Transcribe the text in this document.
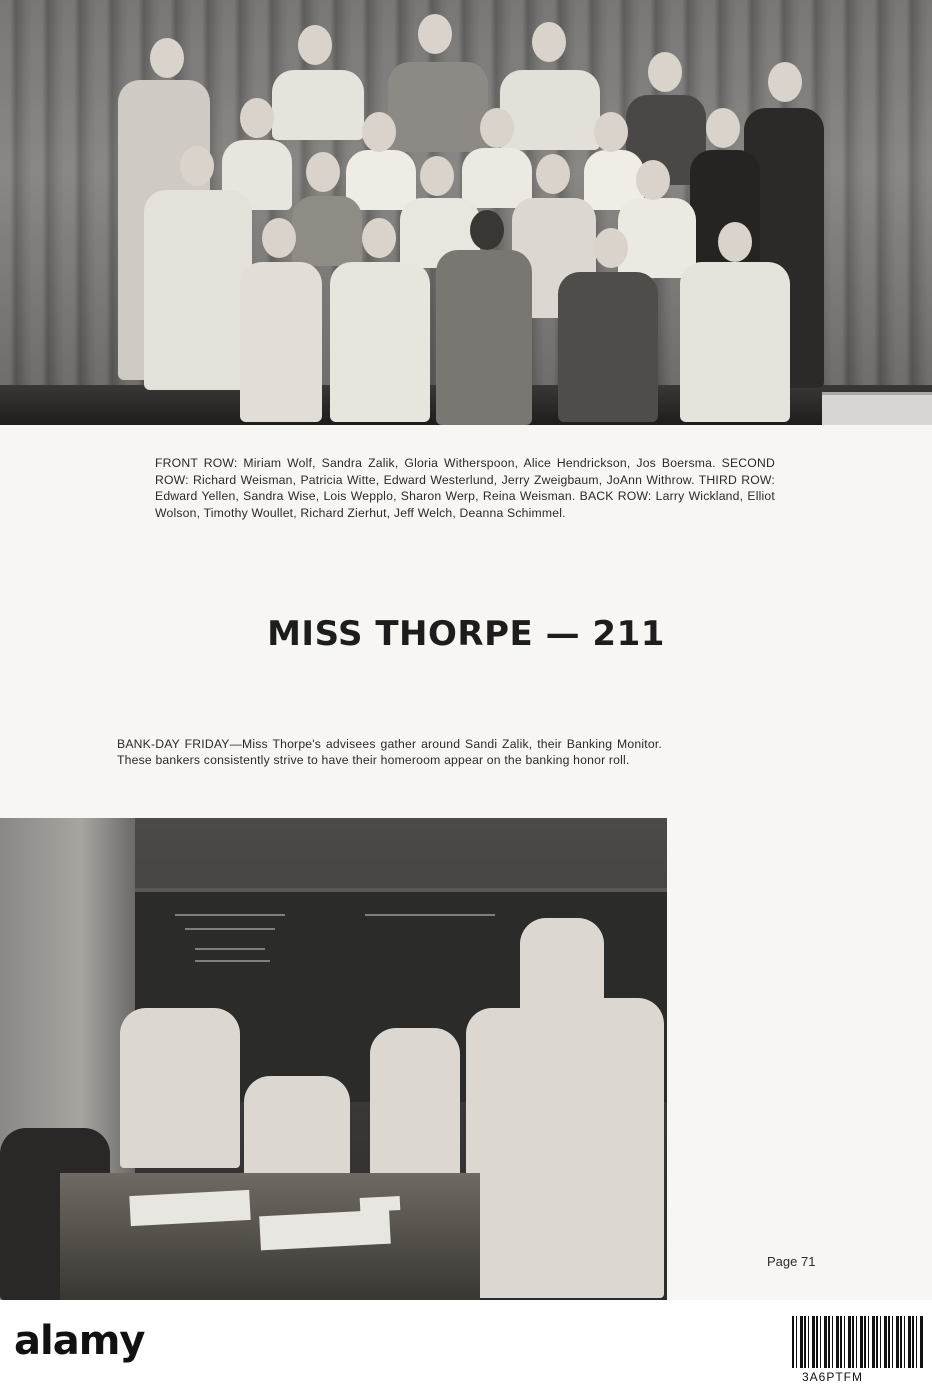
FRONT ROW: Miriam Wolf, Sandra Zalik, Gloria Witherspoon, Alice Hendrickson, Jos Boersma. SECOND ROW: Richard Weisman, Patricia Witte, Edward Westerlund, Jerry Zweigbaum, JoAnn Withrow. THIRD ROW: Edward Yellen, Sandra Wise, Lois Wepplo, Sharon Werp, Reina Weisman. BACK ROW: Larry Wickland, Elliot Wolson, Timothy Woullet, Richard Zierhut, Jeff Welch, Deanna Schimmel.
MISS THORPE — 211
BANK-DAY FRIDAY—Miss Thorpe's advisees gather around Sandi Zalik, their Banking Monitor. These bankers consistently strive to have their homeroom appear on the banking honor roll.
Page 71
alamy
3A6PTFM
